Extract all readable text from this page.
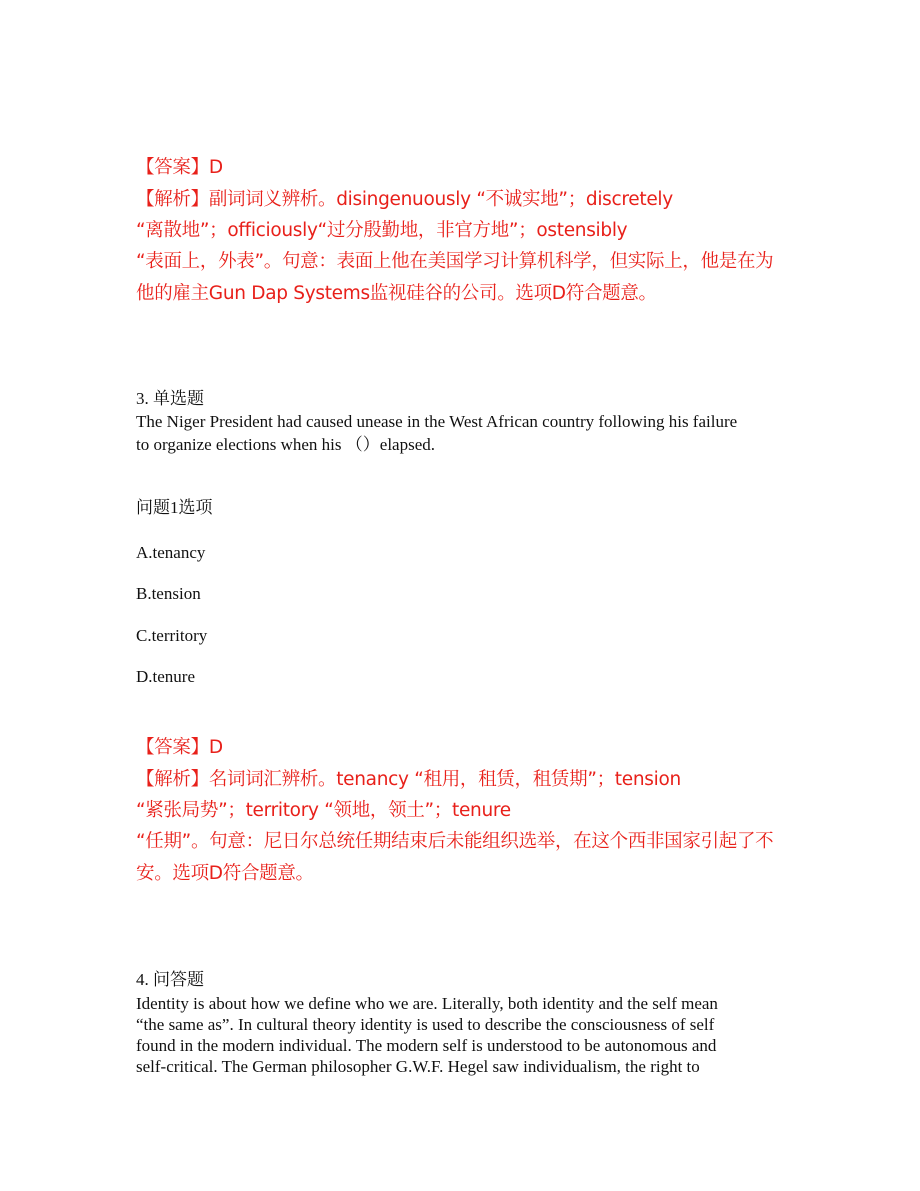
【答案】D
【解析】副词词义辨析。disingenuously “不诚实地”；discretely
“离散地”；officiously“过分殷勤地，非官方地”；ostensibly
“表面上，外表”。句意：表面上他在美国学习计算机科学，但实际上，他是在为
他的雇主Gun Dap Systems监视硅谷的公司。选项D符合题意。
3. 单选题
The Niger President had caused unease in the West African country following his failure
to organize elections when his （）elapsed.
问题1选项
A.tenancy
B.tension
C.territory
D.tenure
【答案】D
【解析】名词词汇辨析。tenancy “租用，租赁，租赁期”；tension
“紧张局势”；territory “领地，领土”；tenure
“任期”。句意：尼日尔总统任期结束后未能组织选举，在这个西非国家引起了不
安。选项D符合题意。
4. 问答题
Identity is about how we define who we are. Literally, both identity and the self mean
“the same as”. In cultural theory identity is used to describe the consciousness of self
found in the modern individual. The modern self is understood to be autonomous and
self-critical. The German philosopher G.W.F. Hegel saw individualism, the right to
